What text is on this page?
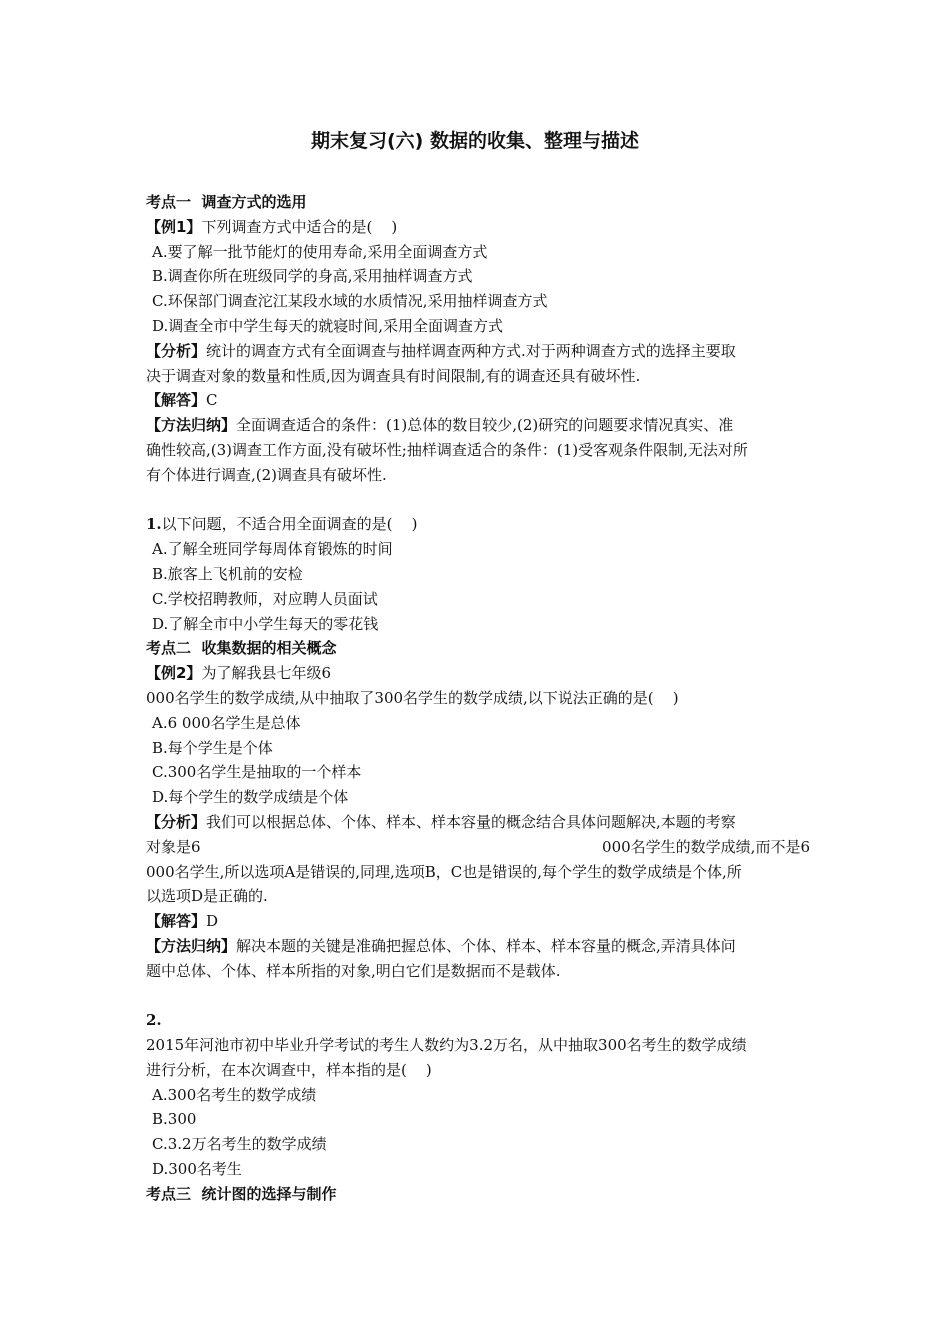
期末复习(六) 数据的收集、整理与描述
考点一  调查方式的选用
【例1】下列调查方式中适合的是(    )
A.要了解一批节能灯的使用寿命,采用全面调查方式
B.调查你所在班级同学的身高,采用抽样调查方式
C.环保部门调查沱江某段水域的水质情况,采用抽样调查方式
D.调查全市中学生每天的就寝时间,采用全面调查方式
【分析】统计的调查方式有全面调查与抽样调查两种方式.对于两种调查方式的选择主要取
决于调查对象的数量和性质,因为调查具有时间限制,有的调查还具有破坏性.
【解答】C
【方法归纳】全面调查适合的条件：(1)总体的数目较少,(2)研究的问题要求情况真实、准
确性较高,(3)调查工作方面,没有破坏性;抽样调查适合的条件：(1)受客观条件限制,无法对所
有个体进行调查,(2)调查具有破坏性.
1.以下问题，不适合用全面调查的是(    )
A.了解全班同学每周体育锻炼的时间
B.旅客上飞机前的安检
C.学校招聘教师，对应聘人员面试
D.了解全市中小学生每天的零花钱
考点二  收集数据的相关概念
【例2】为了解我县七年级6
000名学生的数学成绩,从中抽取了300名学生的数学成绩,以下说法正确的是(    )
A.6 000名学生是总体
B.每个学生是个体
C.300名学生是抽取的一个样本
D.每个学生的数学成绩是个体
【分析】我们可以根据总体、个体、样本、样本容量的概念结合具体问题解决,本题的考察
对象是6	000名学生的数学成绩,而不是6
000名学生,所以选项A是错误的,同理,选项B，C也是错误的,每个学生的数学成绩是个体,所
以选项D是正确的.
【解答】D
【方法归纳】解决本题的关键是准确把握总体、个体、样本、样本容量的概念,弄清具体问
题中总体、个体、样本所指的对象,明白它们是数据而不是载体.
2.
2015年河池市初中毕业升学考试的考生人数约为3.2万名，从中抽取300名考生的数学成绩
进行分析，在本次调查中，样本指的是(    )
A.300名考生的数学成绩
B.300
C.3.2万名考生的数学成绩
D.300名考生
考点三  统计图的选择与制作
